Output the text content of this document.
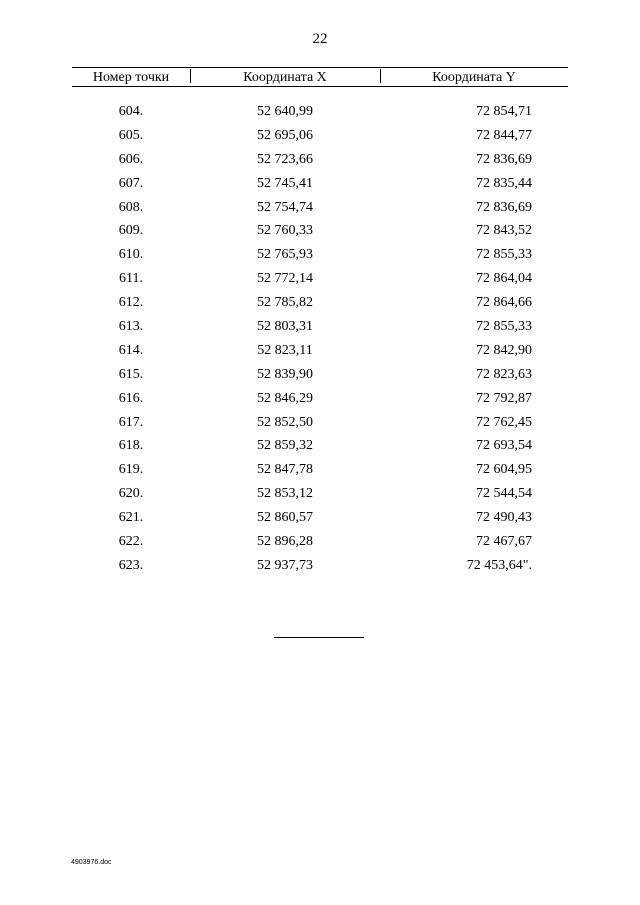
22
Номер точки	Координата X	Координата Y
604.	52 640,99	72 854,71
605.	52 695,06	72 844,77
606.	52 723,66	72 836,69
607.	52 745,41	72 835,44
608.	52 754,74	72 836,69
609.	52 760,33	72 843,52
610.	52 765,93	72 855,33
611.	52 772,14	72 864,04
612.	52 785,82	72 864,66
613.	52 803,31	72 855,33
614.	52 823,11	72 842,90
615.	52 839,90	72 823,63
616.	52 846,29	72 792,87
617.	52 852,50	72 762,45
618.	52 859,32	72 693,54
619.	52 847,78	72 604,95
620.	52 853,12	72 544,54
621.	52 860,57	72 490,43
622.	52 896,28	72 467,67
623.	52 937,73	72 453,64".
4903976.doc
